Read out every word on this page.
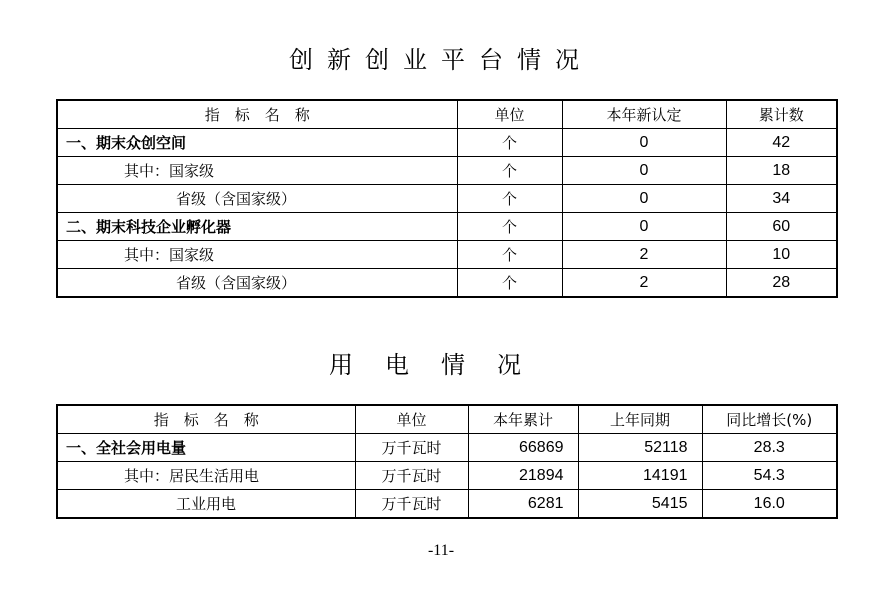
创新创业平台情况
指　标　名　称	单位	本年新认定	累计数
一、期末众创空间	个	0	42
其中：国家级	个	0	18
省级（含国家级）	个	0	34
二、期末科技企业孵化器	个	0	60
其中：国家级	个	2	10
省级（含国家级）	个	2	28
用电情况
指　标　名　称	单位	本年累计	上年同期	同比增长(%)
一、全社会用电量	万千瓦时	66869	52118	28.3
其中：居民生活用电	万千瓦时	21894	14191	54.3
工业用电	万千瓦时	6281	5415	16.0
-11-
